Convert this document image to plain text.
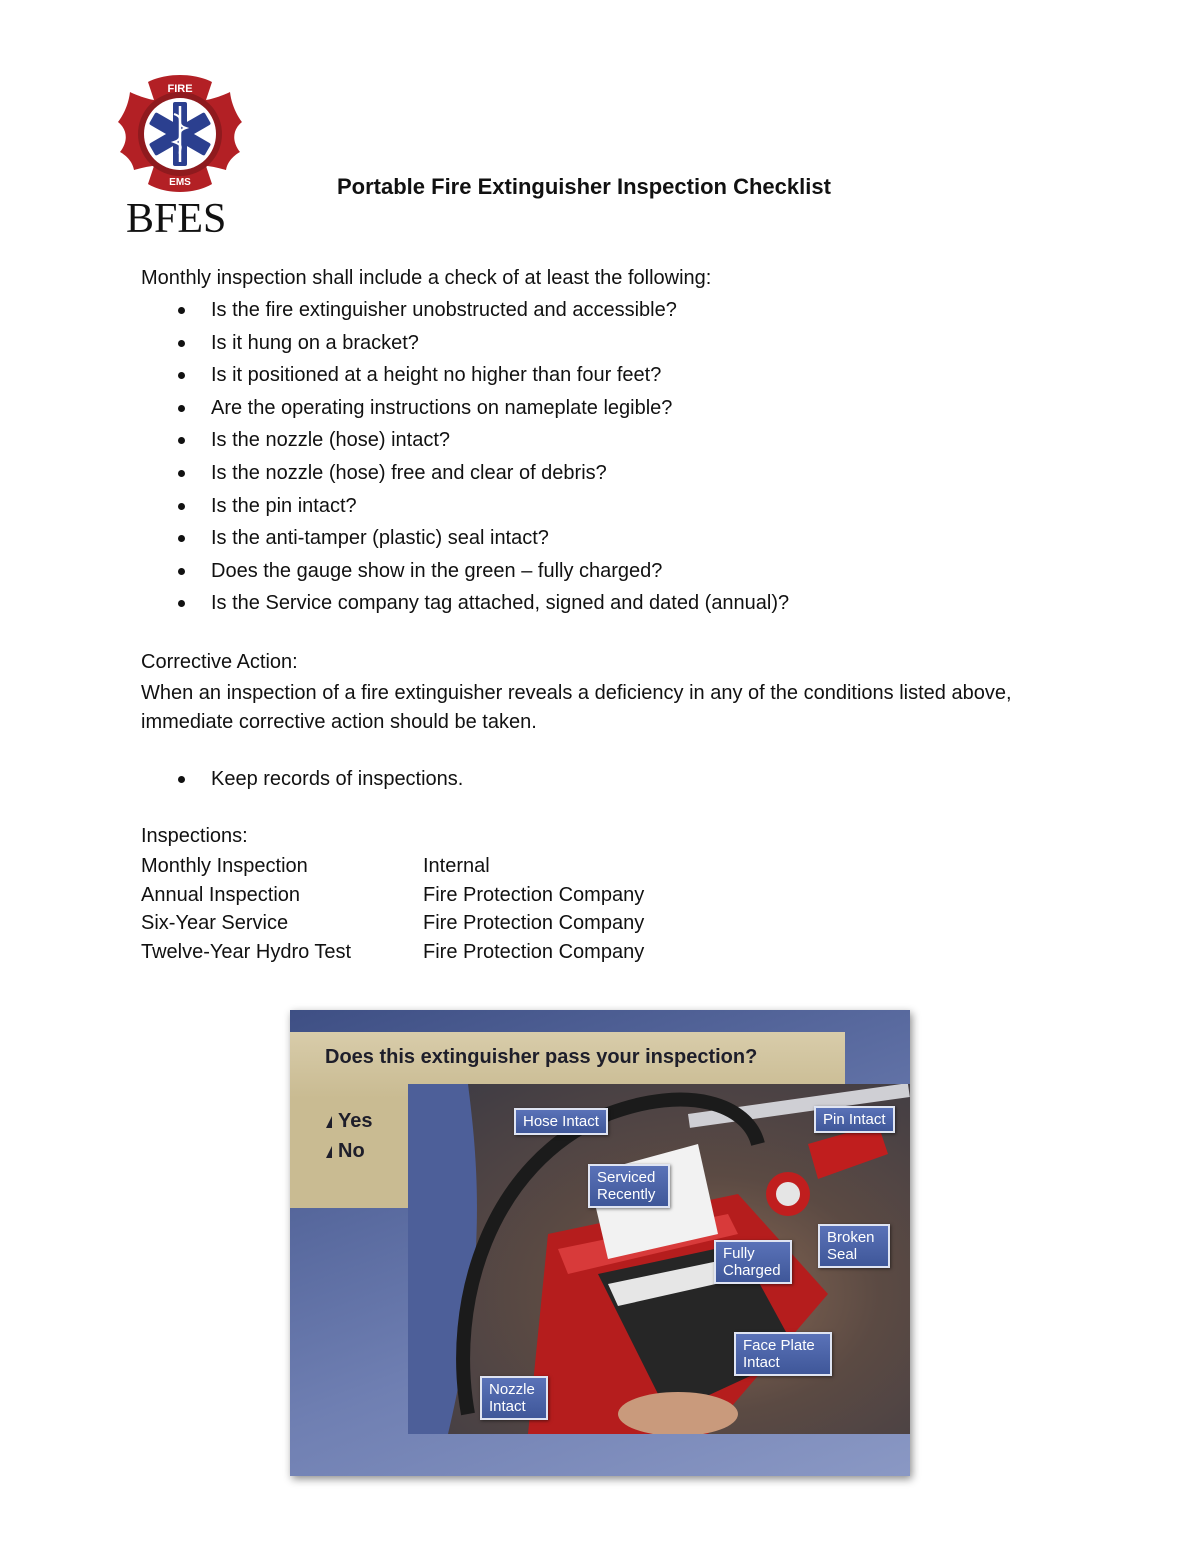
FIRE
EMS
BFES
Portable Fire Extinguisher Inspection Checklist
Monthly inspection shall include a check of at least the following:
Is the fire extinguisher unobstructed and accessible?
Is it hung on a bracket?
Is it positioned at a height no higher than four feet?
Are the operating instructions on nameplate legible?
Is the nozzle (hose) intact?
Is the nozzle (hose) free and clear of debris?
Is the pin intact?
Is the anti-tamper (plastic) seal intact?
Does the gauge show in the green – fully charged?
Is the Service company tag attached, signed and dated (annual)?
Corrective Action:
When an inspection of a fire extinguisher reveals a deficiency in any of the conditions listed above, immediate corrective action should be taken.
Keep records of inspections.
Inspections:
Monthly Inspection	Internal
Annual Inspection	Fire Protection Company
Six-Year Service	Fire Protection Company
Twelve-Year Hydro Test	Fire Protection Company
Does this extinguisher pass your inspection?
Yes
No
Hose Intact	Pin Intact
Serviced Recently
Fully Charged
Broken Seal
Face Plate Intact
Nozzle Intact
